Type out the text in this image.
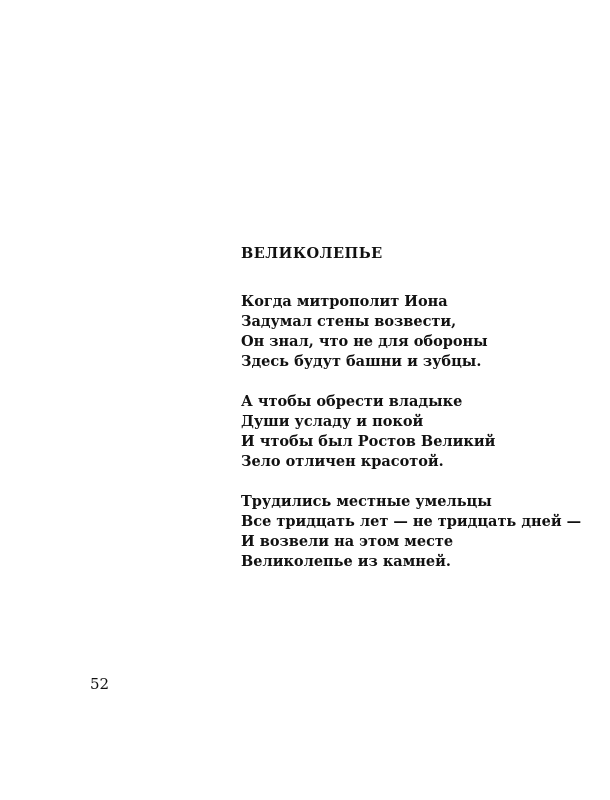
ВЕЛИКОЛЕПЬЕ
Когда митрополит Иона
Задумал стены возвести,
Он знал, что не для обороны
Здесь будут башни и зубцы.
А чтобы обрести владыке
Души усладу и покой
И чтобы был Ростов Великий
Зело отличен красотой.
Трудились местные умельцы
Все тридцать лет — не тридцать дней —
И возвели на этом месте
Великолепье из камней.
52
